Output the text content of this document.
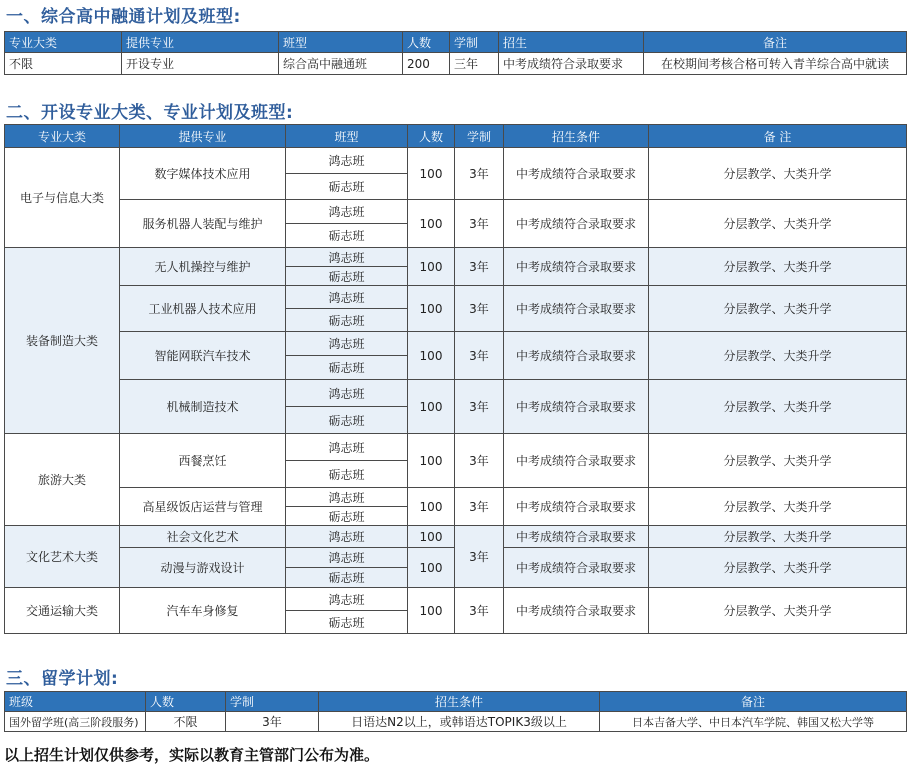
一、综合高中融通计划及班型:
专业大类	提供专业	班型	人数	学制	招生	备注
不限	开设专业	综合高中融通班	200	三年	中考成绩符合录取要求	在校期间考核合格可转入青羊综合高中就读
二、开设专业大类、专业计划及班型:
专业大类	提供专业	班型	人数	学制	招生条件	备 注
电子与信息大类	数字媒体技术应用	鸿志班	100	3年	中考成绩符合录取要求	分层教学、大类升学
		砺志班				
	服务机器人装配与维护	鸿志班	100	3年	中考成绩符合录取要求	分层教学、大类升学
		砺志班				
装备制造大类	无人机操控与维护	鸿志班	100	3年	中考成绩符合录取要求	分层教学、大类升学
		砺志班				
	工业机器人技术应用	鸿志班	100	3年	中考成绩符合录取要求	分层教学、大类升学
		砺志班				
	智能网联汽车技术	鸿志班	100	3年	中考成绩符合录取要求	分层教学、大类升学
		砺志班				
	机械制造技术	鸿志班	100	3年	中考成绩符合录取要求	分层教学、大类升学
		砺志班				
旅游大类	西餐烹饪	鸿志班	100	3年	中考成绩符合录取要求	分层教学、大类升学
		砺志班				
	高星级饭店运营与管理	鸿志班	100	3年	中考成绩符合录取要求	分层教学、大类升学
		砺志班				
文化艺术大类	社会文化艺术	鸿志班	100	3年	中考成绩符合录取要求	分层教学、大类升学
	动漫与游戏设计	鸿志班	100		中考成绩符合录取要求	分层教学、大类升学
		砺志班				
交通运输大类	汽车车身修复	鸿志班	100	3年	中考成绩符合录取要求	分层教学、大类升学
		砺志班				
三、留学计划:
班级	人数	学制	招生条件	备注
国外留学班(高三阶段服务)	不限	3年	日语达N2以上，或韩语达TOPIK3级以上	日本吉备大学、中日本汽车学院、韩国又松大学等
以上招生计划仅供参考，实际以教育主管部门公布为准。
